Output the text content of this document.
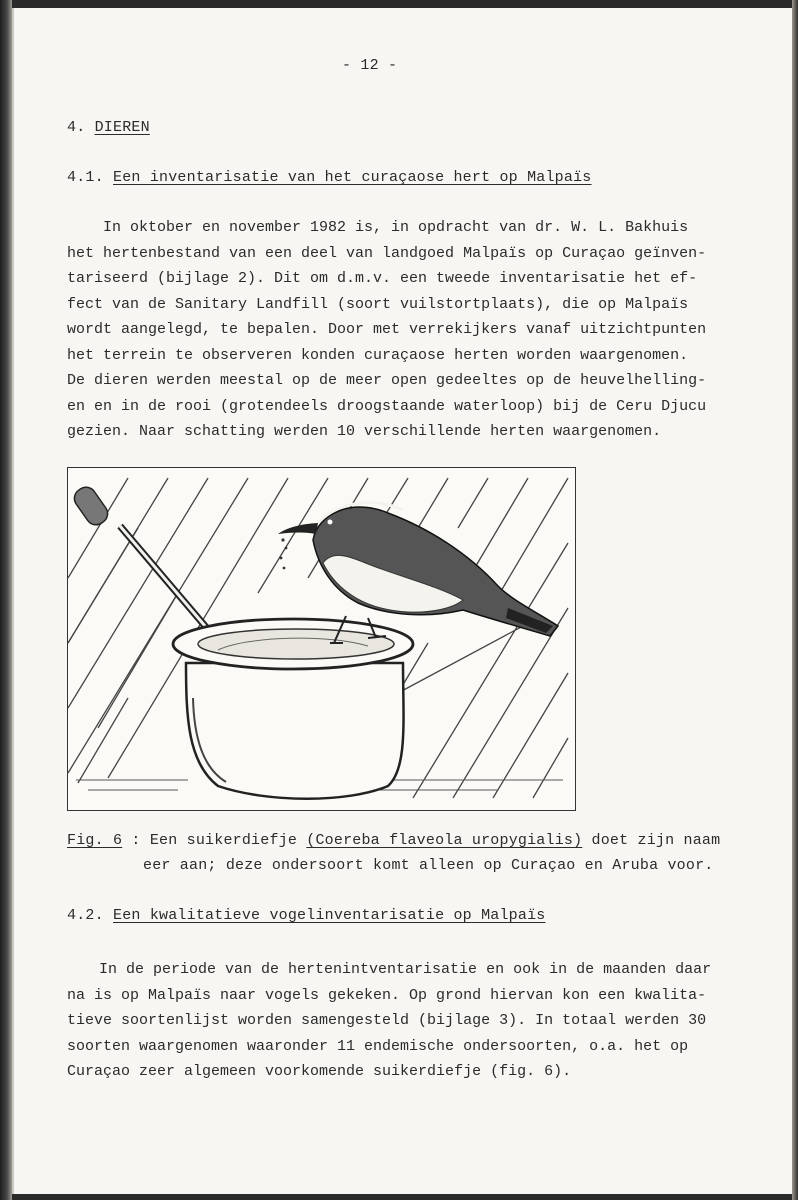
- 12 -
4. DIEREN
4.1. Een inventarisatie van het curaçaose hert op Malpaïs
In oktober en november 1982 is, in opdracht van dr. W. L. Bakhuis
het hertenbestand van een deel van landgoed Malpaïs op Curaçao geïnven-
tariseerd (bijlage 2). Dit om d.m.v. een tweede inventarisatie het ef-
fect van de Sanitary Landfill (soort vuilstortplaats), die op Malpaïs
wordt aangelegd, te bepalen. Door met verrekijkers vanaf uitzichtpunten
het terrein te observeren konden curaçaose herten worden waargenomen.
De dieren werden meestal op de meer open gedeeltes op de heuvelhelling-
en en in de rooi (grotendeels droogstaande waterloop) bij de Ceru Djucu
gezien. Naar schatting werden 10 verschillende herten waargenomen.
Fig. 6 : Een suikerdiefje (Coereba flaveola uropygialis) doet zijn naam
eer aan; deze ondersoort komt alleen op Curaçao en Aruba voor.
4.2. Een kwalitatieve vogelinventarisatie op Malpaïs
In de periode van de hertenintventarisatie en ook in de maanden daar
na is op Malpaïs naar vogels gekeken. Op grond hiervan kon een kwalita-
tieve soortenlijst worden samengesteld (bijlage 3). In totaal werden 30
soorten waargenomen waaronder 11 endemische ondersoorten, o.a. het op
Curaçao zeer algemeen voorkomende suikerdiefje (fig. 6).
